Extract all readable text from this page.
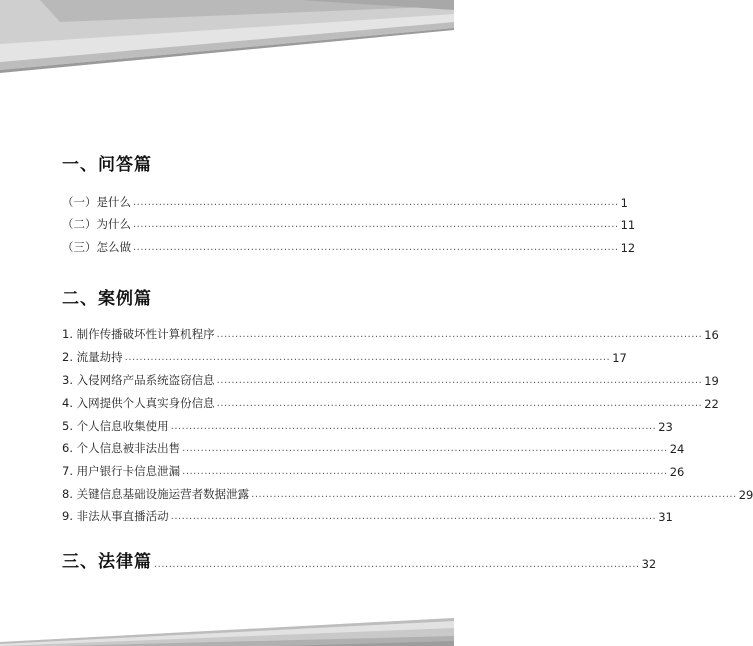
一、问答篇
（一）是什么 .................................................................................................................................... 1
（二）为什么 .................................................................................................................................... 11
（三）怎么做 .................................................................................................................................... 12
二、案例篇
1. 制作传播破坏性计算机程序 .................................................................................................................................... 16
2. 流量劫持 .................................................................................................................................... 17
3. 入侵网络产品系统盗窃信息 .................................................................................................................................... 19
4. 入网提供个人真实身份信息 .................................................................................................................................... 22
5. 个人信息收集使用 .................................................................................................................................... 23
6. 个人信息被非法出售 .................................................................................................................................... 24
7. 用户银行卡信息泄漏 .................................................................................................................................... 26
8. 关键信息基础设施运营者数据泄露 .................................................................................................................................... 29
9. 非法从事直播活动 .................................................................................................................................... 31
三、法律篇 .................................................................................................................................... 32
